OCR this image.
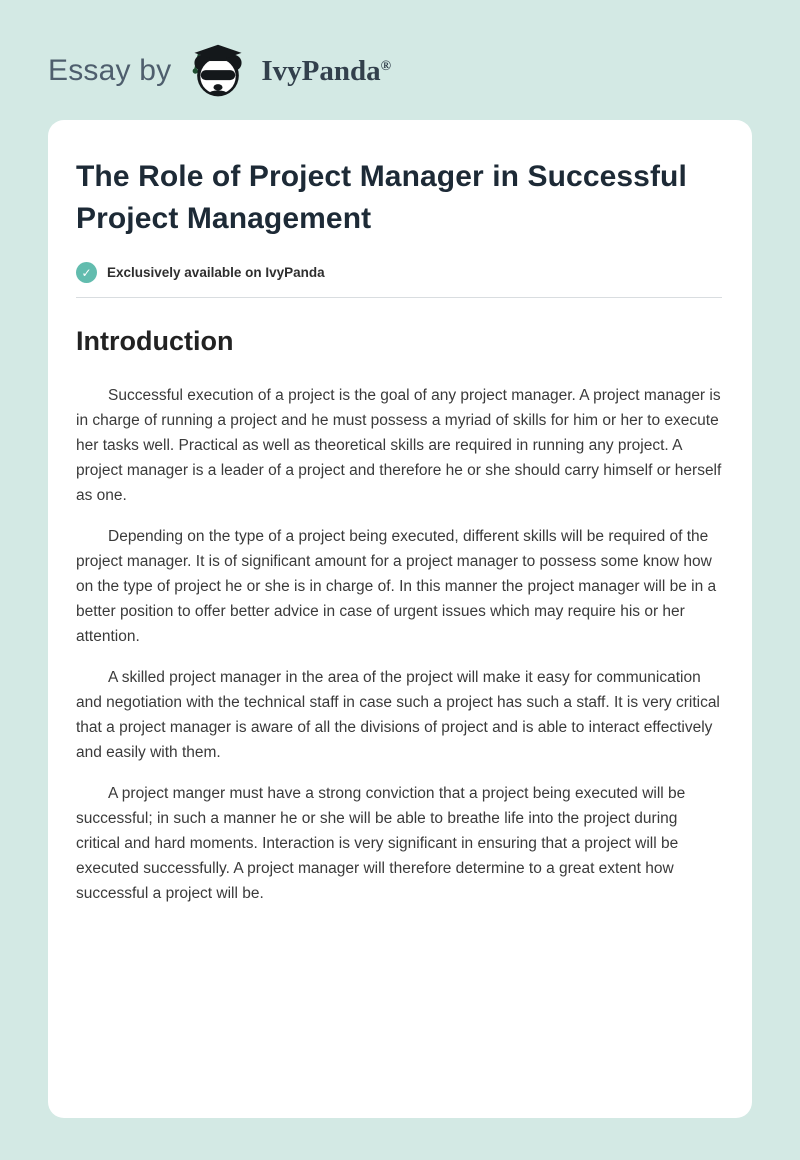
Essay by	IvyPanda®
The Role of Project Manager in Successful Project Management
✓	Exclusively available on IvyPanda
Introduction

Successful execution of a project is the goal of any project manager. A project manager is in charge of running a project and he must possess a myriad of skills for him or her to execute her tasks well. Practical as well as theoretical skills are required in running any project. A project manager is a leader of a project and therefore he or she should carry himself or herself as one.

Depending on the type of a project being executed, different skills will be required of the project manager. It is of significant amount for a project manager to possess some know how on the type of project he or she is in charge of. In this manner the project manager will be in a better position to offer better advice in case of urgent issues which may require his or her attention.

A skilled project manager in the area of the project will make it easy for communication and negotiation with the technical staff in case such a project has such a staff. It is very critical that a project manager is aware of all the divisions of project and is able to interact effectively and easily with them.

A project manger must have a strong conviction that a project being executed will be successful; in such a manner he or she will be able to breathe life into the project during critical and hard moments. Interaction is very significant in ensuring that a project will be executed successfully. A project manager will therefore determine to a great extent how successful a project will be.
